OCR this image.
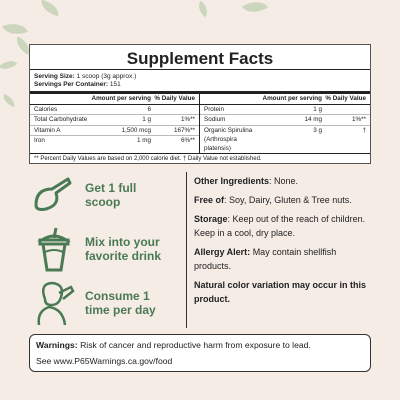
Supplement Facts
Serving Size: 1 scoop (3g approx.)
Servings Per Container: 151
Amount per serving % Daily Value
Calories	6
Total Carbohydrate	1 g	1%**
Vitamin A	1,500 mcg	167%**
Iron	1 mg	6%**
Amount per serving % Daily Value
Protein	1 g
Sodium	14 mg	1%**
Organic Spirulina
(Arthrospira platensis)
3 g	†
** Percent Daily Values are based on 2,000 calorie diet. † Daily Value not established.
Get 1 full
scoop
Mix into your
favorite drink
Consume 1
time per day

Other Ingredients: None.

Free of: Soy, Dairy, Gluten & Tree nuts.

Storage: Keep out of the reach of children. Keep in a cool, dry place.

Allergy Alert: May contain shellfish products.

Natural color variation may occur in this product.

Warnings: Risk of cancer and reproductive harm from exposure to lead.
See www.P65Warnings.ca.gov/food
